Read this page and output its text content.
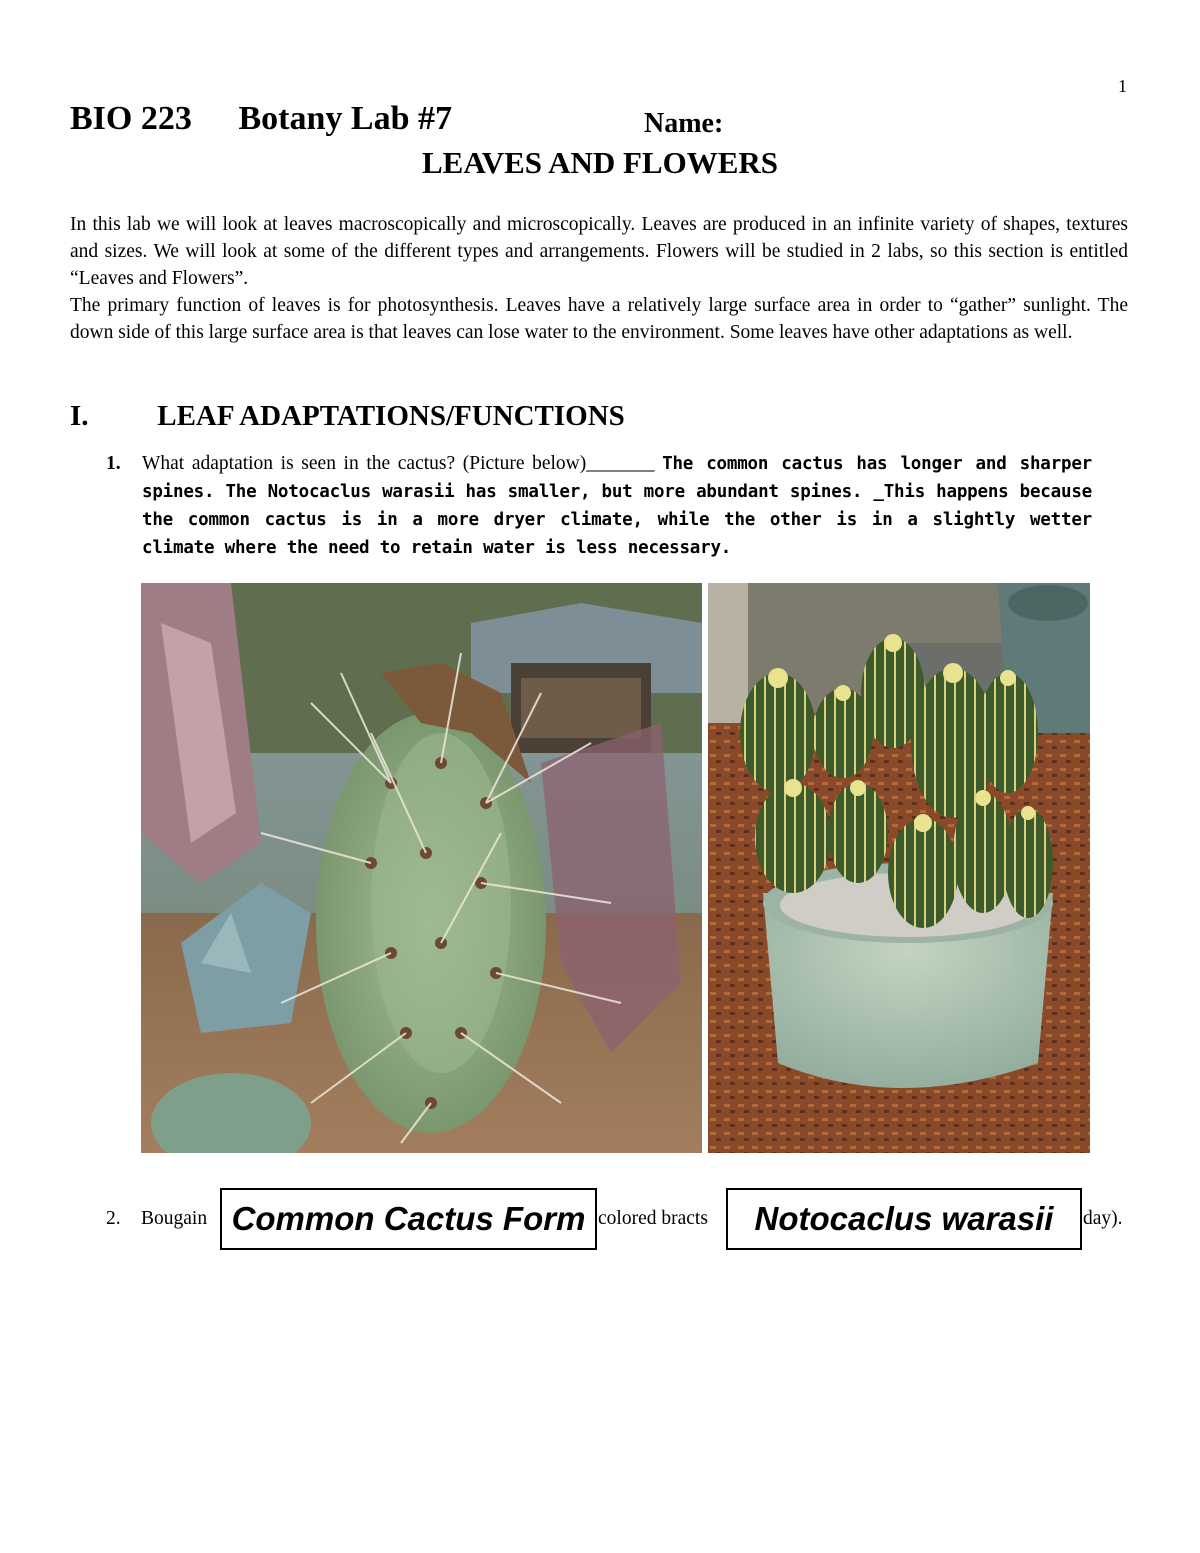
1
BIO 223 Botany Lab #7	Name:
LEAVES AND FLOWERS

In this lab we will look at leaves macroscopically and microscopically. Leaves are produced in an infinite variety of shapes, textures and sizes. We will look at some of the different types and arrangements. Flowers will be studied in 2 labs, so this section is entitled “Leaves and Flowers”.

The primary function of leaves is for photosynthesis. Leaves have a relatively large surface area in order to “gather” sunlight. The down side of this large surface area is that leaves can lose water to the environment. Some leaves have other adaptations as well.

I. LEAF ADAPTATIONS/FUNCTIONS
1. What adaptation is seen in the cactus? (Picture below)_______ The common cactus has longer and sharper spines. The Notocaclus warasii has smaller, but more abundant spines. _This happens because the common cactus is in a more dryer climate, while the other is in a slightly wetter climate where the need to retain water is less necessary.
2. Bougain	colored bracts	day).
Common Cactus Form	Notocaclus warasii
